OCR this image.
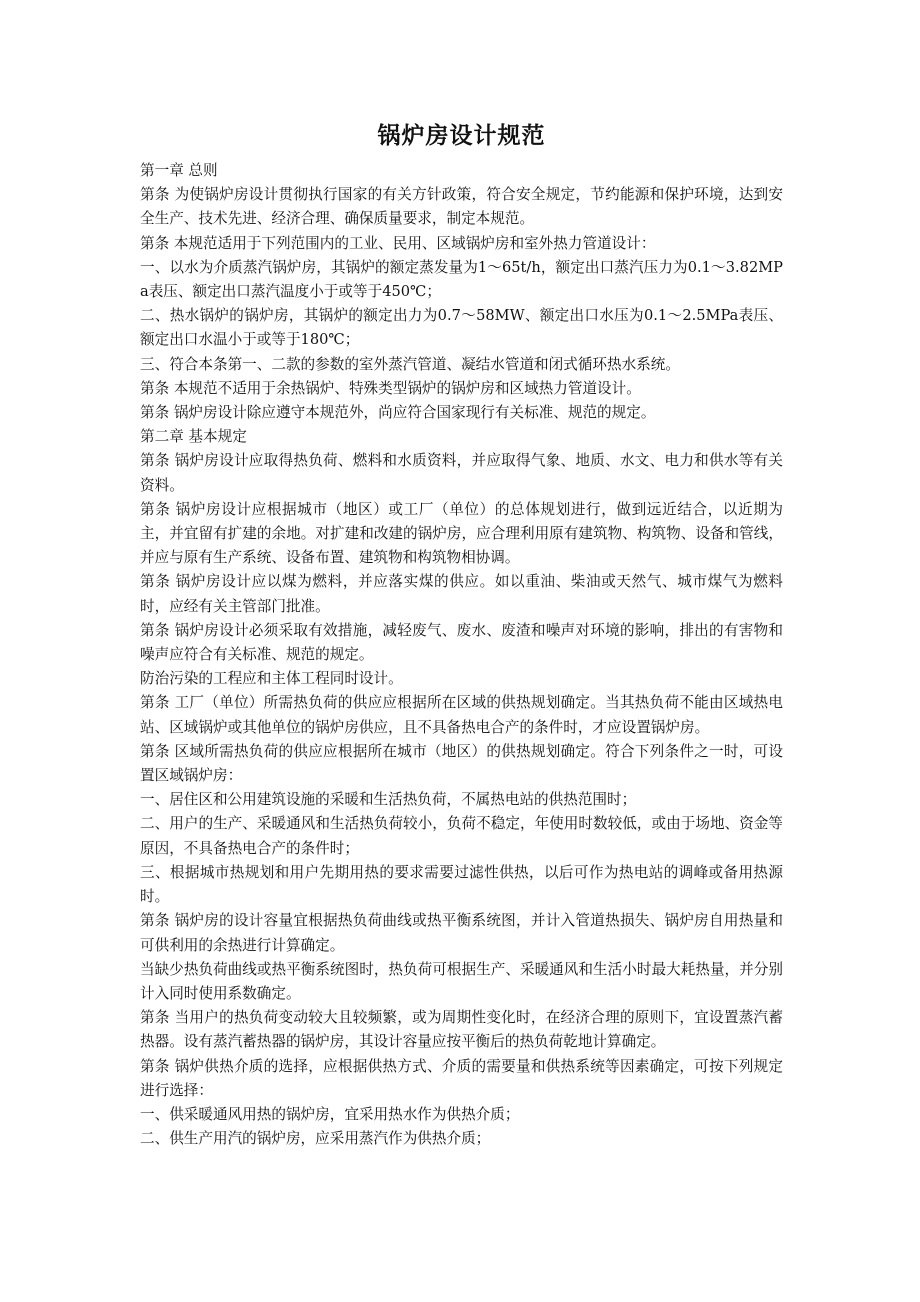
锅炉房设计规范

第一章 总则

第条 为使锅炉房设计贯彻执行国家的有关方针政策，符合安全规定，节约能源和保护环境，达到安全生产、技术先进、经济合理、确保质量要求，制定本规范。

第条 本规范适用于下列范围内的工业、民用、区域锅炉房和室外热力管道设计：

一、以水为介质蒸汽锅炉房，其锅炉的额定蒸发量为1～65t/h，额定出口蒸汽压力为0.1～3.82MPa表压、额定出口蒸汽温度小于或等于450℃；

二、热水锅炉的锅炉房，其锅炉的额定出力为0.7～58MW、额定出口水压为0.1～2.5MPa表压、额定出口水温小于或等于180℃；

三、符合本条第一、二款的参数的室外蒸汽管道、凝结水管道和闭式循环热水系统。

第条 本规范不适用于余热锅炉、特殊类型锅炉的锅炉房和区域热力管道设计。

第条 锅炉房设计除应遵守本规范外，尚应符合国家现行有关标准、规范的规定。

第二章 基本规定

第条 锅炉房设计应取得热负荷、燃料和水质资料，并应取得气象、地质、水文、电力和供水等有关资料。

第条 锅炉房设计应根据城市（地区）或工厂（单位）的总体规划进行，做到远近结合，以近期为主，并宜留有扩建的余地。对扩建和改建的锅炉房，应合理利用原有建筑物、构筑物、设备和管线，并应与原有生产系统、设备布置、建筑物和构筑物相协调。

第条 锅炉房设计应以煤为燃料，并应落实煤的供应。如以重油、柴油或天然气、城市煤气为燃料时，应经有关主管部门批准。

第条 锅炉房设计必须采取有效措施，减轻废气、废水、废渣和噪声对环境的影响，排出的有害物和噪声应符合有关标准、规范的规定。

防治污染的工程应和主体工程同时设计。

第条 工厂（单位）所需热负荷的供应应根据所在区域的供热规划确定。当其热负荷不能由区域热电站、区域锅炉或其他单位的锅炉房供应，且不具备热电合产的条件时，才应设置锅炉房。

第条 区域所需热负荷的供应应根据所在城市（地区）的供热规划确定。符合下列条件之一时，可设置区域锅炉房：

一、居住区和公用建筑设施的采暖和生活热负荷，不属热电站的供热范围时；

二、用户的生产、采暖通风和生活热负荷较小，负荷不稳定，年使用时数较低，或由于场地、资金等原因，不具备热电合产的条件时；

三、根据城市热规划和用户先期用热的要求需要过滤性供热，以后可作为热电站的调峰或备用热源时。

第条 锅炉房的设计容量宜根据热负荷曲线或热平衡系统图，并计入管道热损失、锅炉房自用热量和可供利用的余热进行计算确定。

当缺少热负荷曲线或热平衡系统图时，热负荷可根据生产、采暖通风和生活小时最大耗热量，并分别计入同时使用系数确定。

第条 当用户的热负荷变动较大且较频繁，或为周期性变化时，在经济合理的原则下，宜设置蒸汽蓄热器。设有蒸汽蓄热器的锅炉房，其设计容量应按平衡后的热负荷乾地计算确定。

第条 锅炉供热介质的选择，应根据供热方式、介质的需要量和供热系统等因素确定，可按下列规定进行选择：

一、供采暖通风用热的锅炉房，宜采用热水作为供热介质；

二、供生产用汽的锅炉房，应采用蒸汽作为供热介质；
